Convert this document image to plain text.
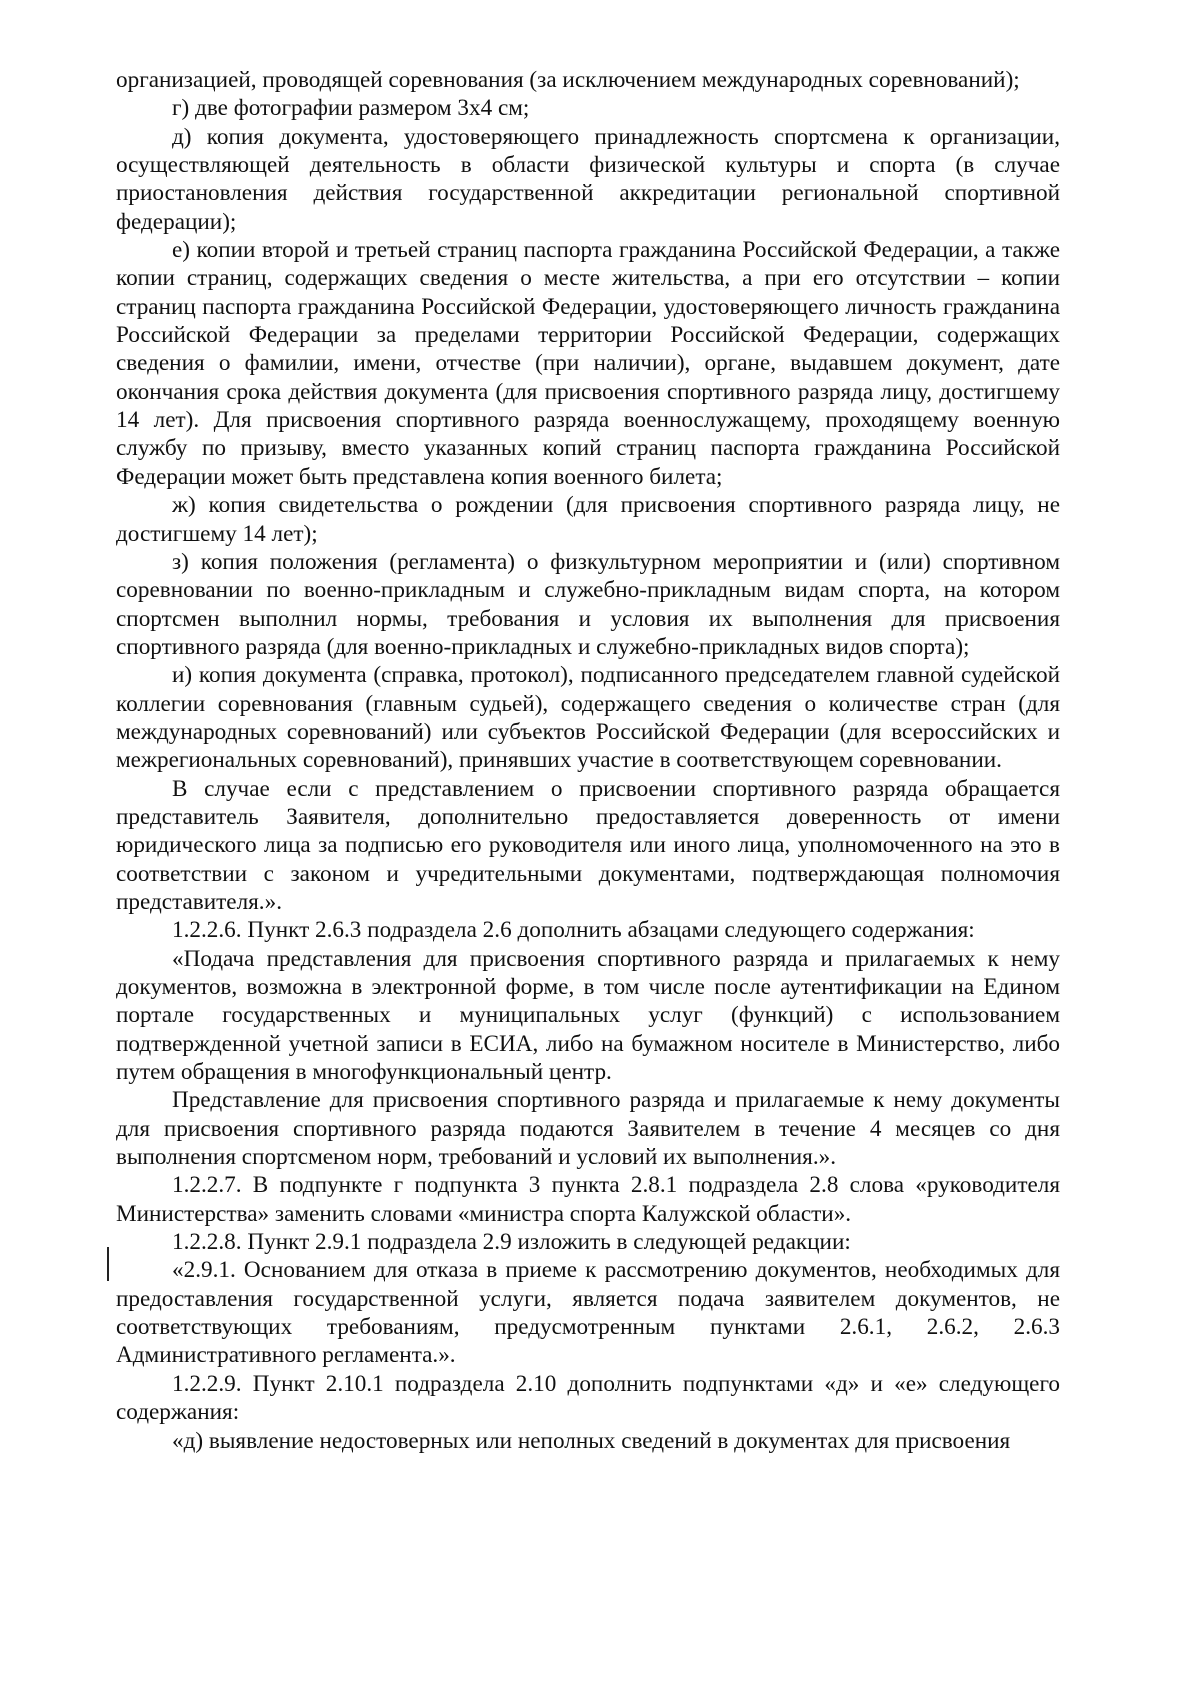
организацией, проводящей соревнования (за исключением международных соревнований);

г) две фотографии размером 3x4 см;

д) копия документа, удостоверяющего принадлежность спортсмена к организации, осуществляющей деятельность в области физической культуры и спорта (в случае приостановления действия государственной аккредитации региональной спортивной федерации);

е) копии второй и третьей страниц паспорта гражданина Российской Федерации, а также копии страниц, содержащих сведения о месте жительства, а при его отсутствии – копии страниц паспорта гражданина Российской Федерации, удостоверяющего личность гражданина Российской Федерации за пределами территории Российской Федерации, содержащих сведения о фамилии, имени, отчестве (при наличии), органе, выдавшем документ, дате окончания срока действия документа (для присвоения спортивного разряда лицу, достигшему 14 лет). Для присвоения спортивного разряда военнослужащему, проходящему военную службу по призыву, вместо указанных копий страниц паспорта гражданина Российской Федерации может быть представлена копия военного билета;

ж) копия свидетельства о рождении (для присвоения спортивного разряда лицу, не достигшему 14 лет);

з) копия положения (регламента) о физкультурном мероприятии и (или) спортивном соревновании по военно-прикладным и служебно-прикладным видам спорта, на котором спортсмен выполнил нормы, требования и условия их выполнения для присвоения спортивного разряда (для военно-прикладных и служебно-прикладных видов спорта);

и) копия документа (справка, протокол), подписанного председателем главной судейской коллегии соревнования (главным судьей), содержащего сведения о количестве стран (для международных соревнований) или субъектов Российской Федерации (для всероссийских и межрегиональных соревнований), принявших участие в соответствующем соревновании.

В случае если с представлением о присвоении спортивного разряда обращается представитель Заявителя, дополнительно предоставляется доверенность от имени юридического лица за подписью его руководителя или иного лица, уполномоченного на это в соответствии с законом и учредительными документами, подтверждающая полномочия представителя.».

1.2.2.6. Пункт 2.6.3 подраздела 2.6 дополнить абзацами следующего содержания:

«Подача представления для присвоения спортивного разряда и прилагаемых к нему документов, возможна в электронной форме, в том числе после аутентификации на Едином портале государственных и муниципальных услуг (функций) с использованием подтвержденной учетной записи в ЕСИА, либо на бумажном носителе в Министерство, либо путем обращения в многофункциональный центр.

Представление для присвоения спортивного разряда и прилагаемые к нему документы для присвоения спортивного разряда подаются Заявителем в течение 4 месяцев со дня выполнения спортсменом норм, требований и условий их выполнения.».

1.2.2.7. В подпункте г подпункта 3 пункта 2.8.1 подраздела 2.8 слова «руководителя Министерства» заменить словами «министра спорта Калужской области».

1.2.2.8. Пункт 2.9.1 подраздела 2.9 изложить в следующей редакции:

«2.9.1. Основанием для отказа в приеме к рассмотрению документов, необходимых для предоставления государственной услуги, является подача заявителем документов, не соответствующих требованиям, предусмотренным пунктами 2.6.1, 2.6.2, 2.6.3 Административного регламента.».

1.2.2.9. Пункт 2.10.1 подраздела 2.10 дополнить подпунктами «д» и «е» следующего содержания:

«д) выявление недостоверных или неполных сведений в документах для присвоения
